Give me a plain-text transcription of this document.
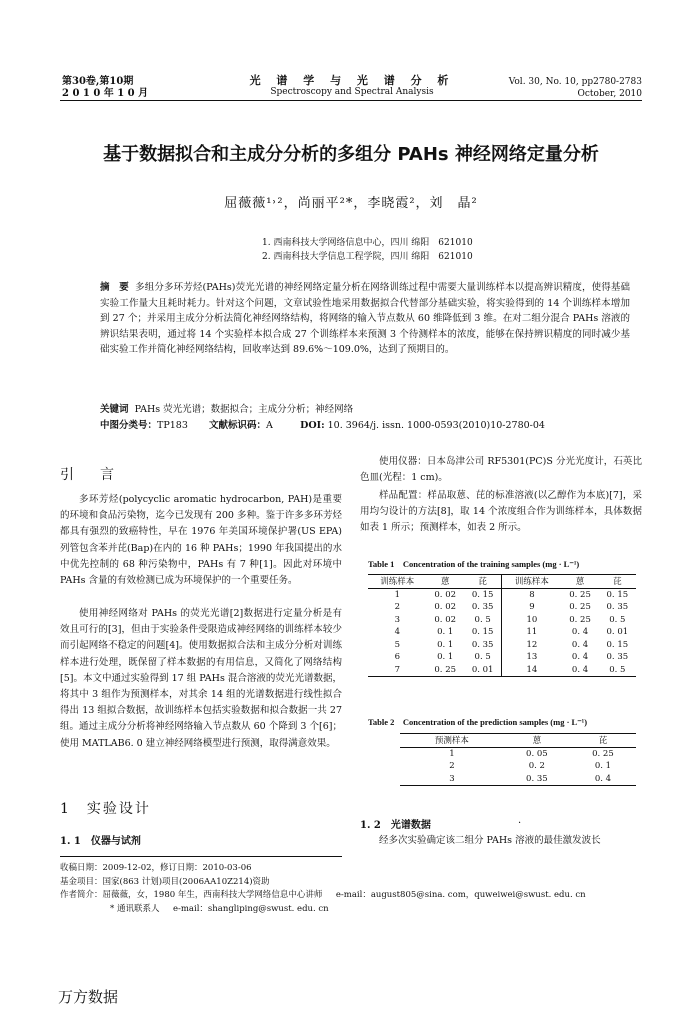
第30卷,第10期
2 0 1 0 年 1 0 月
光 谱 学 与 光 谱 分 析
Spectroscopy and Spectral Analysis
Vol. 30, No. 10, pp2780-2783
October, 2010
基于数据拟合和主成分分析的多组分 PAHs 神经网络定量分析
屈薇薇¹˒²，尚丽平²*，李晓霞²，刘　晶²
1. 西南科技大学网络信息中心，四川 绵阳　621010
2. 西南科技大学信息工程学院，四川 绵阳　621010
摘　要 多组分多环芳烃(PAHs)荧光光谱的神经网络定量分析在网络训练过程中需要大量训练样本以提高辨识精度，使得基础实验工作量大且耗时耗力。针对这个问题，文章试验性地采用数据拟合代替部分基础实验，将实验得到的 14 个训练样本增加到 27 个；并采用主成分分析法简化神经网络结构，将网络的输入节点数从 60 维降低到 3 维。在对二组分混合 PAHs 溶液的辨识结果表明，通过将 14 个实验样本拟合成 27 个训练样本来预测 3 个待测样本的浓度，能够在保持辨识精度的同时减少基础实验工作并简化神经网络结构，回收率达到 89.6%～109.0%，达到了预期目的。
关键词 PAHs 荧光光谱；数据拟合；主成分分析；神经网络
中图分类号：TP183 文献标识码：A	DOI: 10. 3964/j. issn. 1000-0593(2010)10-2780-04
引　言
多环芳烃(polycyclic aromatic hydrocarbon, PAH)是重要的环境和食品污染物，迄今已发现有 200 多种。鉴于许多多环芳烃都具有强烈的致癌特性，早在 1976 年美国环境保护署(US EPA)列管包含苯并芘(Bap)在内的 16 种 PAHs；1990 年我国提出的水中优先控制的 68 种污染物中，PAHs 有 7 种[1]。因此对环境中 PAHs 含量的有效检测已成为环境保护的一个重要任务。
使用神经网络对 PAHs 的荧光光谱[2]数据进行定量分析是有效且可行的[3]，但由于实验条件受限造成神经网络的训练样本较少而引起网络不稳定的问题[4]。使用数据拟合法和主成分分析对训练样本进行处理，既保留了样本数据的有用信息，又简化了网络结构[5]。本文中通过实验得到 17 组 PAHs 混合溶液的荧光光谱数据，将其中 3 组作为预测样本，对其余 14 组的光谱数据进行线性拟合得出 13 组拟合数据，故训练样本包括实验数据和拟合数据一共 27 组。通过主成分分析将神经网络输入节点数从 60 个降到 3 个[6]；使用 MATLAB6. 0 建立神经网络模型进行预测，取得满意效果。
1　实验设计
1. 1　仪器与试剂
使用仪器：日本岛津公司 RF5301(PC)S 分光光度计，石英比色皿(光程：1 cm)。
样品配置：样品取蒽、芘的标准溶液(以乙醇作为本底)[7]，采用均匀设计的方法[8]，取 14 个浓度组合作为训练样本，具体数据如表 1 所示；预测样本，如表 2 所示。
Table 1　Concentration of the training samples (mg · L⁻¹)
训练样本	蒽	芘	训练样本	蒽	芘
1	0. 02	0. 15	8	0. 25	0. 15
2	0. 02	0. 35	9	0. 25	0. 35
3	0. 02	0. 5	10	0. 25	0. 5
4	0. 1	0. 15	11	0. 4	0. 01
5	0. 1	0. 35	12	0. 4	0. 15
6	0. 1	0. 5	13	0. 4	0. 35
7	0. 25	0. 01	14	0. 4	0. 5
Table 2　Concentration of the prediction samples (mg · L⁻¹)
预测样本	蒽	芘
1	0. 05	0. 25
2	0. 2	0. 1
3	0. 35	0. 4
·
1. 2　光谱数据
经多次实验确定该二组分 PAHs 溶液的最佳激发波长
收稿日期：2009-12-02，修订日期：2010-03-06
基金项目：国家(863 计划)项目(2006AA10Z214)资助
作者简介：屈薇薇，女，1980 年生，西南科技大学网络信息中心讲师 e-mail：august805@sina. com，quweiwei@swust. edu. cn
* 通讯联系人 e-mail：shangliping@swust. edu. cn
万方数据
